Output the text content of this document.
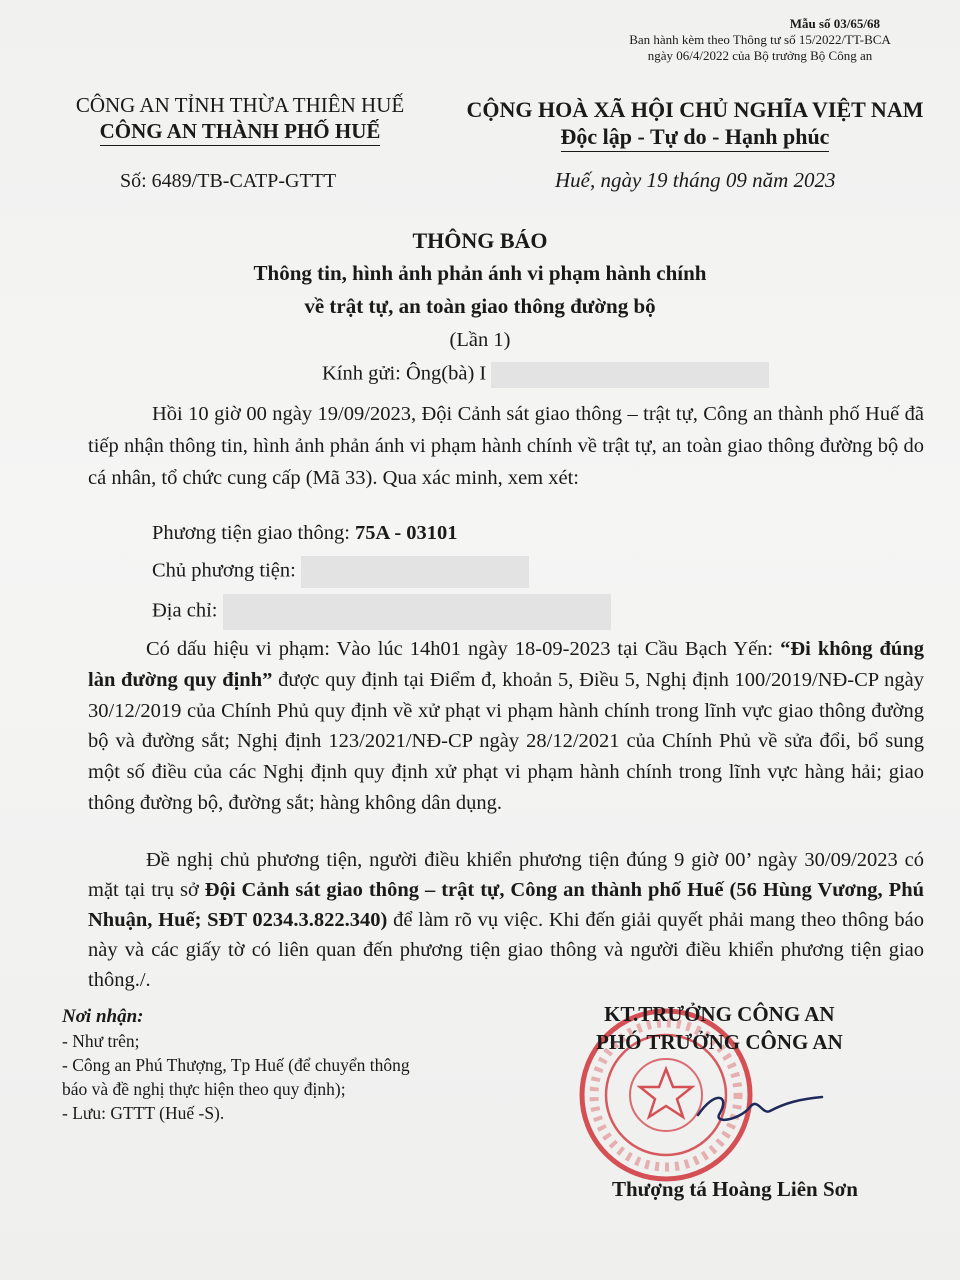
Mẫu số 03/65/68
Ban hành kèm theo Thông tư số 15/2022/TT-BCA
ngày 06/4/2022 của Bộ trưởng Bộ Công an
CÔNG AN TỈNH THỪA THIÊN HUẾ
CÔNG AN THÀNH PHỐ HUẾ
CỘNG HOÀ XÃ HỘI CHỦ NGHĨA VIỆT NAM
Độc lập - Tự do - Hạnh phúc
Số: 6489/TB-CATP-GTTT	Huế, ngày 19 tháng 09 năm 2023
THÔNG BÁO
Thông tin, hình ảnh phản ánh vi phạm hành chính
về trật tự, an toàn giao thông đường bộ
(Lần 1)
Kính gửi: Ông(bà) I
Hồi 10 giờ 00 ngày 19/09/2023, Đội Cảnh sát giao thông – trật tự, Công an thành phố Huế đã tiếp nhận thông tin, hình ảnh phản ánh vi phạm hành chính về trật tự, an toàn giao thông đường bộ do cá nhân, tổ chức cung cấp (Mã 33). Qua xác minh, xem xét:
Phương tiện giao thông: 75A - 03101
Chủ phương tiện:
Địa chỉ:
Có dấu hiệu vi phạm: Vào lúc 14h01 ngày 18-09-2023 tại Cầu Bạch Yến: “Đi không đúng làn đường quy định” được quy định tại Điểm đ, khoản 5, Điều 5, Nghị định 100/2019/NĐ-CP ngày 30/12/2019 của Chính Phủ quy định về xử phạt vi phạm hành chính trong lĩnh vực giao thông đường bộ và đường sắt; Nghị định 123/2021/NĐ-CP ngày 28/12/2021 của Chính Phủ về sửa đổi, bổ sung một số điều của các Nghị định quy định xử phạt vi phạm hành chính trong lĩnh vực hàng hải; giao thông đường bộ, đường sắt; hàng không dân dụng.
Đề nghị chủ phương tiện, người điều khiển phương tiện đúng 9 giờ 00’ ngày 30/09/2023 có mặt tại trụ sở Đội Cảnh sát giao thông – trật tự, Công an thành phố Huế (56 Hùng Vương, Phú Nhuận, Huế; SĐT 0234.3.822.340) để làm rõ vụ việc. Khi đến giải quyết phải mang theo thông báo này và các giấy tờ có liên quan đến phương tiện giao thông và người điều khiển phương tiện giao thông./.
Nơi nhận:
- Như trên;
- Công an Phú Thượng, Tp Huế (để chuyển thông
báo và đề nghị thực hiện theo quy định);
- Lưu: GTTT (Huế -S).
KT.TRƯỞNG CÔNG AN
PHÓ TRƯỞNG CÔNG AN
Thượng tá Hoàng Liên Sơn
